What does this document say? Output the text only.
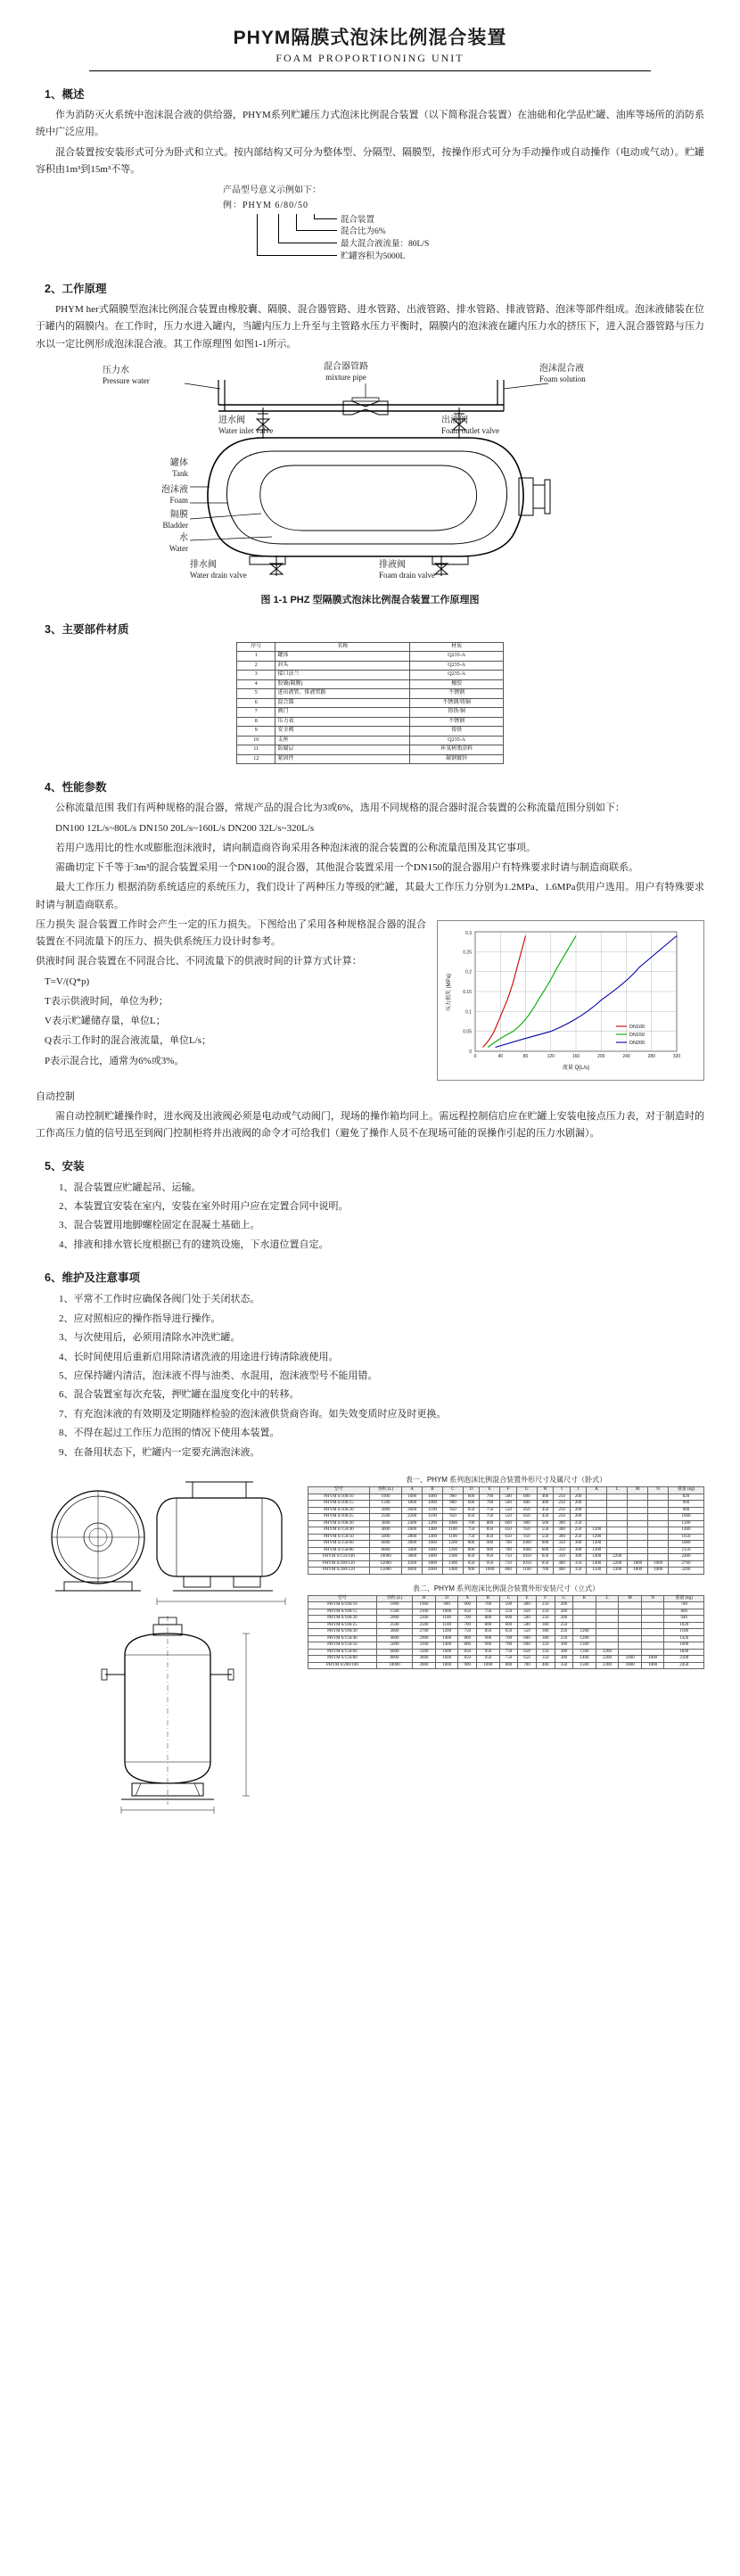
PHYM隔膜式泡沫比例混合装置
FOAM PROPORTIONING UNIT
1、概述

作为消防灭火系统中泡沫混合液的供给器，PHYM系列贮罐压力式泡沫比例混合装置（以下简称混合装置）在油础和化学品贮罐、油库等场所的消防系统中广泛应用。

混合装置按安装形式可分为卧式和立式。按内部结构又可分为整体型、分隔型、隔膜型，按操作形式可分为手动操作或自动操作（电动或气动）。贮罐容积由1m³到15m³不等。

产品型号意义示例如下：
例：PHYM 6/80/50
贮罐容积为5000L
最大混合液流量：80L/S
混合比为6%
混合装置
2、工作原理

PHYM her式隔膜型泡沫比例混合装置由橡胶囊、隔膜、混合器管路、进水管路、出液管路、排水管路、排液管路、泡沫等部件组成。泡沫液储装在位于罐内的隔膜内。在工作时，压力水进入罐内，当罐内压力上升至与主管路水压力平衡时，隔膜内的泡沫液在罐内压力水的挤压下，进入混合器管路与压力水以一定比例形成泡沫混合液。其工作原理图 如图1-1所示。

压力水
Pressure water
混合器管路
mixture pipe
泡沫混合液
Foam solution
进水阀
Water inlet valve
出液阀
Foam outlet valve
罐体
Tank
泡沫液
Foam
隔膜
Bladder
水
Water
排水阀
Water drain valve
排液阀
Foam drain valve
图 1-1 PHZ 型隔膜式泡沫比例混合装置工作原理图
3、主要部件材质
序号	名称	材质
1	罐体	Q235-A
2	封头	Q235-A
3	接口法兰	Q235-A
4	胶囊(隔膜)	橡胶
5	进出液管、排液管路	不锈钢
6	混合器	不锈钢/铸铜
7	阀门	铸铁/铜
8	压力表	不锈钢
9	安全阀	铸铁
10	支座	Q235-A
11	防腐层	环氧树脂涂料
12	紧固件	碳钢镀锌
4、性能参数

公称流量范围 我们有两种规格的混合器，常规产品的混合比为3或6%，选用不同规格的混合器时混合装置的公称流量范围分别如下：

DN100 12L/s~80L/s DN150 20L/s~160L/s DN200 32L/s~320L/s

若用户选用比的性水或膨胀泡沫液时，请向制造商咨询采用各种泡沫液的混合装置的公称流量范围及其它事项。

需确切定下千等于3m³的混合装置采用一个DN100的混合器，其他混合装置采用一个DN150的混合器用户有特殊要求时请与制造商联系。

最大工作压力 根据消防系统适应的系统压力，我们设计了两种压力等级的贮罐，其最大工作压力分别为1.2MPa、1.6MPa供用户选用。用户有特殊要求时请与制造商联系。

0	40	80	120	160	200	240	280	320
0
0.05
0.1
0.15
0.2
0.25
0.3
流量 Q(L/s)
压力损失 (MPa)
DN100
DN150
DN200

压力损失 混合装置工作时会产生一定的压力损失。下图给出了采用各种规格混合器的混合装置在不同流量下的压力、损失供系统压力设计时参考。

供液时间 混合装置在不同混合比、不同流量下的供液时间的计算方式计算：

T=V/(Q*p)

T表示供液时间，单位为秒；

V表示贮罐储存量，单位L；

Q表示工作时的混合液流量，单位L/s；

P表示混合比，通常为6%或3%。

自动控制

需自动控制贮罐操作时，进水阀及出液阀必须是电动或气动阀门，现场的操作箱均同上。需远程控制信启应在贮罐上安装电接点压力表，对于制造时的工作高压力值的信号迅至到阀门控制柜将并出液阀的命令才可给我们（避免了操作人员不在现场可能的误操作引起的压力水剧漏）。

5、安装
1、混合装置应贮罐起吊、运输。
2、本装置宜安装在室内，安装在室外时用户应在定置合同中说明。
3、混合装置用地脚螺栓固定在混凝土基础上。
4、排液和排水管长度根据已有的建筑设施，下水道位置自定。
6、维护及注意事项
1、平常不工作时应确保各阀门处于关闭状态。
2、应对照相应的操作指导进行操作。
3、与次使用后，必须用清除水冲洗贮罐。
4、长时间使用后重新启用除清诸洗液的用途进行铸清除液使用。
5、应保持罐内清洁，泡沫液不得与油类、水混用，泡沫液型号不能用错。
6、混合装置室每次充装，押贮罐在温度变化中的转移。
7、有充泡沫液的有效期及定期随样检验的泡沫液供货商咨询。如失效变质时应及时更换。
8、不得在起过工作压力范围的情况下使用本装置。
9、在备用状态下，贮罐内一定要充满泡沫液。
表一、PHYM 系列泡沫比例混合装置外形尺寸及属尺寸（卧式）
型号	容积 (L)	A	B	C	D	E	F	G	H	I	J	K	L	M	N	重量 (kg)
PHYM 6/100/10	1000	1600	1000	900	600	700	500	800	400	250	200					820
PHYM 6/100/15	1500	1800	1000	900	600	700	500	800	400	250	200					900
PHYM 6/100/20	2000	2000	1100	950	650	750	550	850	450	250	200					980
PHYM 6/100/25	2500	2200	1100	950	650	750	550	850	450	250	200					1060
PHYM 6/100/30	3000	2400	1200	1000	700	800	600	900	500	300	250					1200
PHYM 6/150/40	4000	2600	1400	1100	750	850	650	950	550	300	250	1200				1480
PHYM 6/150/50	5000	2800	1400	1100	750	850	650	950	550	300	250	1200				1650
PHYM 6/150/60	6000	3000	1600	1200	800	900	700	1000	600	350	300	1300				1880
PHYM 6/150/80	8000	3400	1600	1200	800	900	700	1000	600	350	300	1300				2150
PHYM 6/150/100	10000	3800	1800	1300	850	950	750	1050	650	350	300	1400	2200			2480
PHYM 6/200/120	12000	4200	1800	1300	850	950	750	1050	650	400	350	1400	2200	1800	1000	2760
PHYM 6/200/150	15000	4600	2000	1400	900	1000	800	1100	700	400	350	1500	2300	1800	1000	3200
表二、PHYM 系列泡沫比例混合装置外形安装尺寸（立式）
型号	容积 (L)	H	D	A	B	C	E	F	G	K	L	M	N	重量 (kg)
PHYM 6/100/10	1000	1900	900	600	700	500	400	250	200					780
PHYM 6/100/15	1500	2100	1000	650	750	550	450	250	200					860
PHYM 6/100/20	2000	2300	1100	700	800	600	500	250	200					940
PHYM 6/100/25	2500	2500	1100	700	800	600	500	300	250					1020
PHYM 6/100/30	3000	2700	1200	750	850	650	550	300	250	1200				1180
PHYM 6/150/40	4000	2900	1400	800	900	700	600	300	250	1200				1420
PHYM 6/150/50	5000	3100	1400	800	900	700	600	350	300	1300				1600
PHYM 6/150/60	6000	3300	1600	850	950	750	650	350	300	1300	2200			1840
PHYM 6/150/80	8000	3600	1600	850	950	750	650	350	300	1400	2200	1800	1000	2100
PHYM 6/200/100	10000	3900	1800	900	1000	800	700	400	350	1500	2300	1800	1000	2450
